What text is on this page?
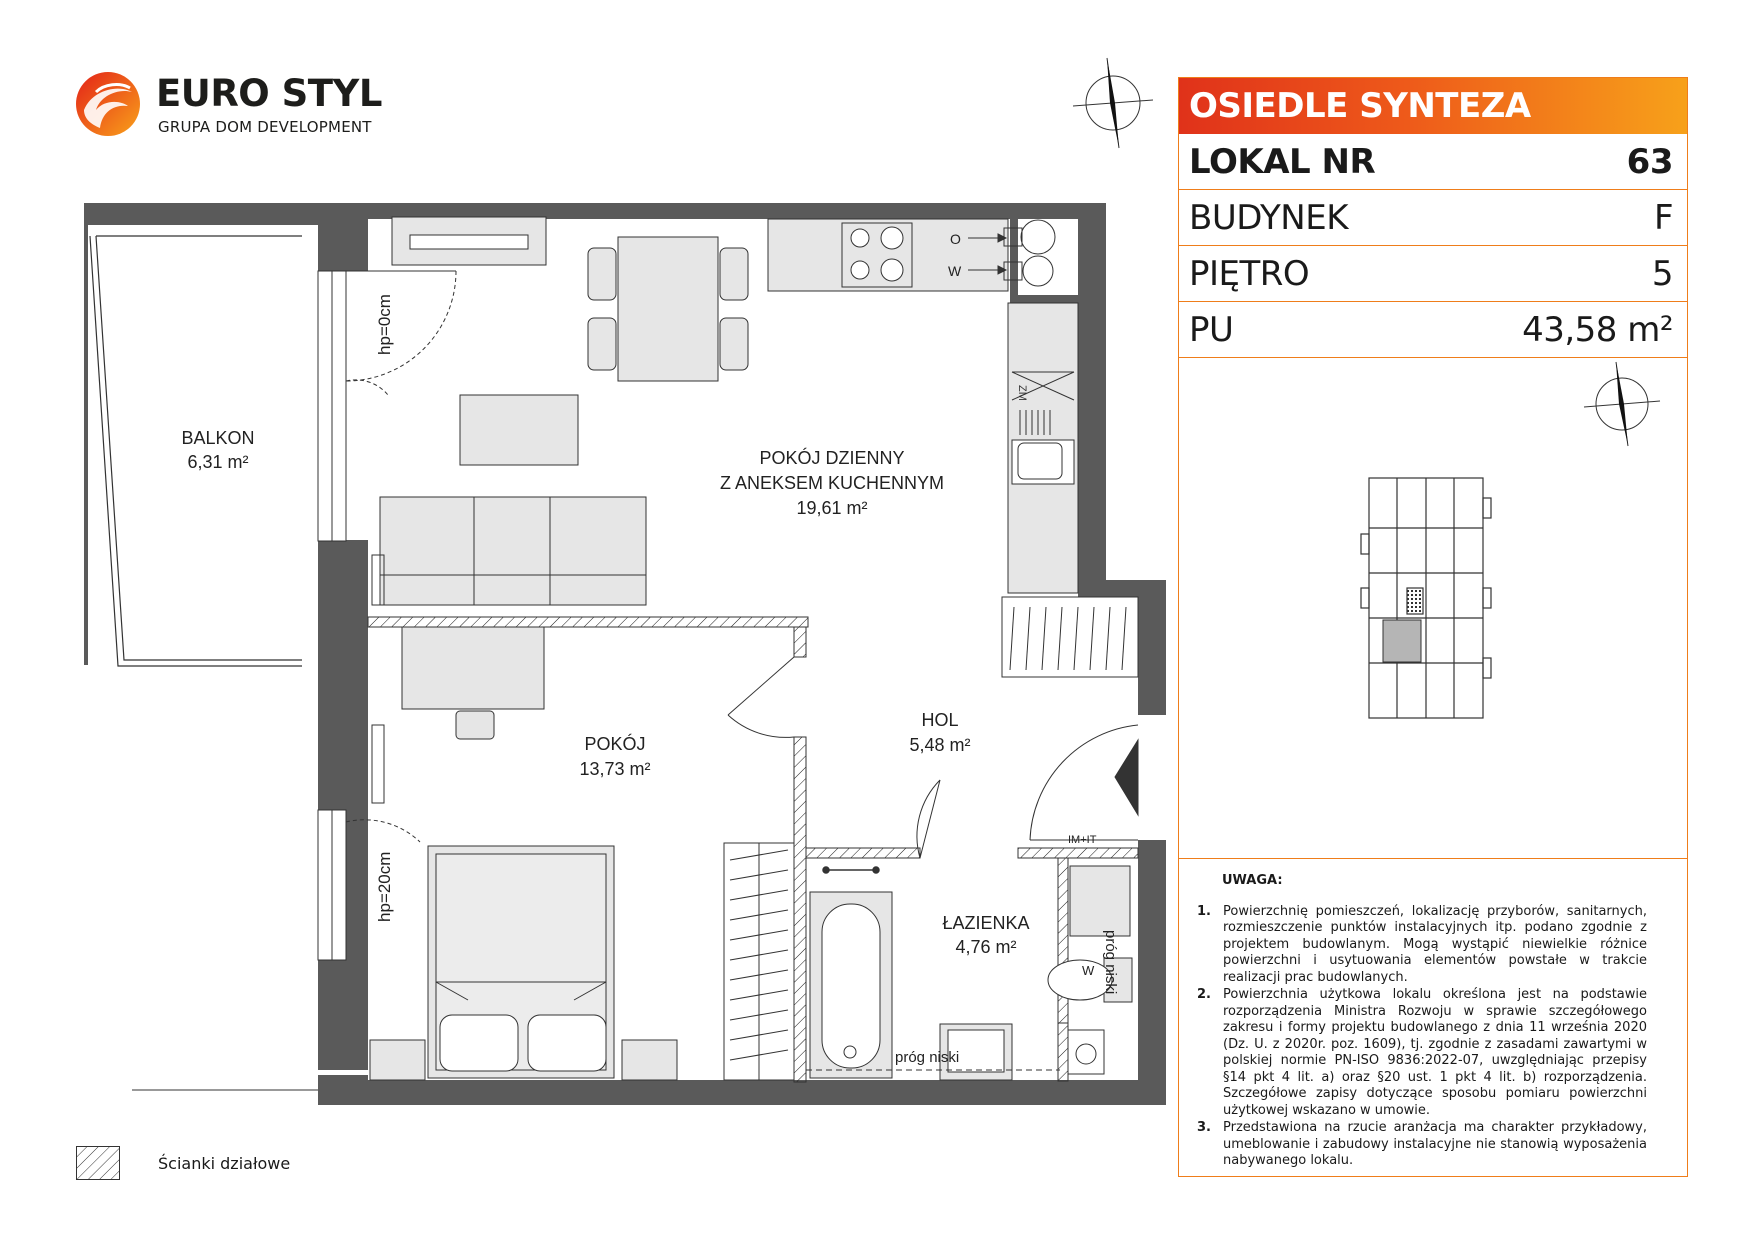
EURO STYL
GRUPA DOM DEVELOPMENT
ZM
O
W
IM+IT
W
BALKON
6,31 m²	POKÓJ DZIENNY
Z ANEKSEM KUCHENNYM
19,61 m²
POKÓJ
13,73 m²
HOL
5,48 m²
ŁAZIENKA
4,76 m²
hp=0cm
hp=20cm
próg niski
próg niski
OSIEDLE SYNTEZA
LOKAL NR	63
BUDYNEK	F
PIĘTRO	5
PU	43,58 m²
UWAGA:
1. Powierzchnię pomieszczeń, lokalizację przyborów, sanitarnych, rozmieszczenie punktów instalacyjnych itp. podano zgodnie z projektem budowlanym. Mogą wystąpić niewielkie różnice powierzchni i usytuowania elementów powstałe w trakcie realizacji prac budowlanych.
2. Powierzchnia użytkowa lokalu określona jest na podstawie rozporządzenia Ministra Rozwoju w sprawie szczegółowego zakresu i formy projektu budowlanego z dnia 11 września 2020 (Dz. U. z 2020r. poz. 1609), tj. zgodnie z zasadami zawartymi w polskiej normie PN-ISO 9836:2022-07, uwzględniając przepisy §14 pkt 4 lit. a) oraz §20 ust. 1 pkt 4 lit. b) rozporządzenia. Szczegółowe zapisy dotyczące sposobu pomiaru powierzchni użytkowej wskazano w umowie.
3. Przedstawiona na rzucie aranżacja ma charakter przykładowy, umeblowanie i zabudowy instalacyjne nie stanowią wyposażenia nabywanego lokalu.
Ścianki działowe
